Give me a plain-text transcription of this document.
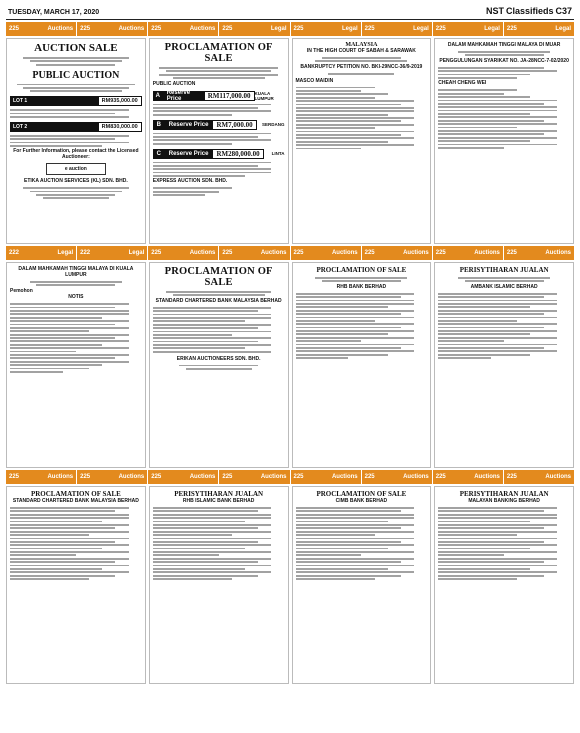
TUESDAY, MARCH 17, 2020	NST Classifieds C37
225	Auctions 225	Auctions 225	Auctions 225	Legal 225	Legal 225	Legal 225	Legal 225	Legal
AUCTION SALE
PUBLIC AUCTION
LOT 1	RM935,000.00
LOT 2	RM830,000.00
For Further Information, please contact the Licensed Auctioneer:
e auction
ETIKA AUCTION SERVICES (KL) SDN. BHD.
PROCLAMATION OF SALE
PUBLIC AUCTION
A	Reserve Price	RM117,000.00 KUALA LUMPUR
B	Reserve Price	RM7,000.00	SERDANG
C	Reserve Price	RM280,000.00	LINTA
EXPRESS AUCTION SDN. BHD.
MALAYSIA
IN THE HIGH COURT OF SABAH & SARAWAK
BANKRUPTCY PETITION NO. BKI-29NCC-36/9-2019
MASCO MAIDIN
DALAM MAHKAMAH TINGGI MALAYA DI MUAR
PENGGULUNGAN SYARIKAT NO. JA-28NCC-7-02/2020
CHEAH CHENG WEI
222	Legal 222	Legal 225	Auctions 225	Auctions 225	Auctions 225	Auctions 225	Auctions 225	Auctions
DALAM MAHKAMAH TINGGI MALAYA DI KUALA LUMPUR
Pemohon
NOTIS
PROCLAMATION OF SALE
STANDARD CHARTERED BANK MALAYSIA BERHAD
ERIKAN AUCTIONEERS SDN. BHD.
PROCLAMATION OF SALE
RHB BANK BERHAD
PERISYTIHARAN JUALAN
AMBANK ISLAMIC BERHAD
225	Auctions 225	Auctions 225	Auctions 225	Auctions 225	Auctions 225	Auctions 225	Auctions 225	Auctions
PROCLAMATION OF SALE
STANDARD CHARTERED BANK MALAYSIA BERHAD
PERISYTIHARAN JUALAN
RHB ISLAMIC BANK BERHAD
PROCLAMATION OF SALE
CIMB BANK BERHAD
PERISYTIHARAN JUALAN
MALAYAN BANKING BERHAD
